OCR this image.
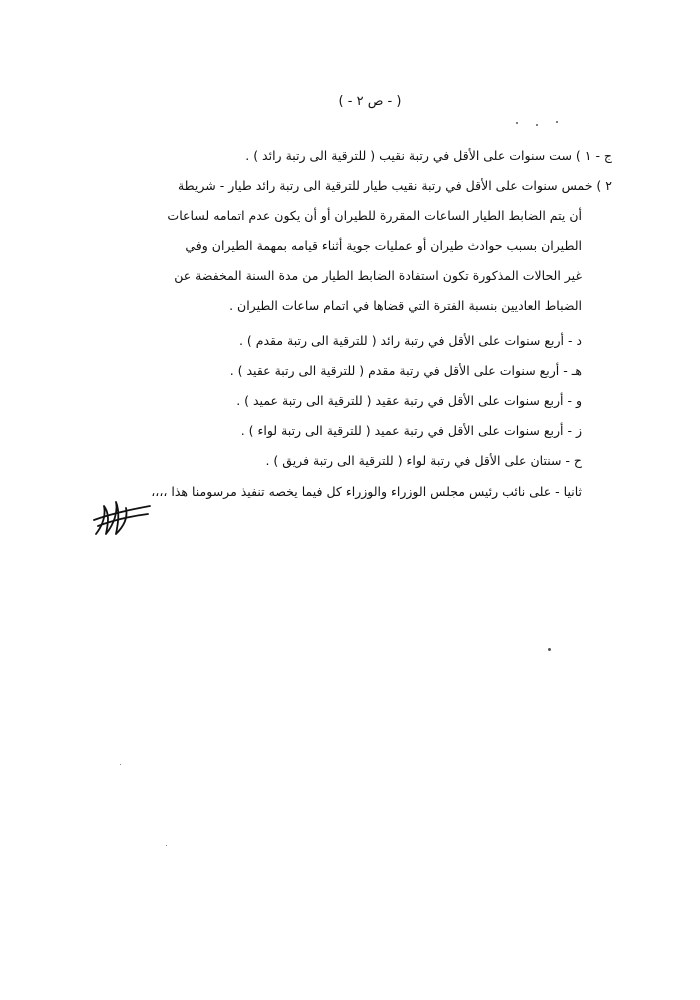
( - ص ٢ - )
ج - ١ ) ست سنوات على الأقل في رتبة نقيب ( للترقية الى رتبة رائد ) .
٢ ) خمس سنوات على الأقل في رتبة نقيب طيار للترقية الى رتبة رائد طيار - شريطة
أن يتم الضابط الطيار الساعات المقررة للطيران أو أن يكون عدم اتمامه لساعات
الطيران بسبب حوادث طيران أو عمليات جوية أثناء قيامه بمهمة الطيران وفي
غير الحالات المذكورة تكون استفادة الضابط الطيار من مدة السنة المخفضة عن
الضباط العاديين بنسبة الفترة التي قضاها في اتمام ساعات الطيران .
د - أربع سنوات على الأقل في رتبة رائد ( للترقية الى رتبة مقدم ) .
هـ - أربع سنوات على الأقل في رتبة مقدم ( للترقية الى رتبة عقيد ) .
و - أربع سنوات على الأقل في رتبة عقيد ( للترقية الى رتبة عميد ) .
ز - أربع سنوات على الأقل في رتبة عميد ( للترقية الى رتبة لواء ) .
ح - سنتان على الأقل في رتبة لواء ( للترقية الى رتبة فريق ) .
ثانيا - على نائب رئيس مجلس الوزراء والوزراء كل فيما يخصه تنفيذ مرسومنا هذا ،،،،
